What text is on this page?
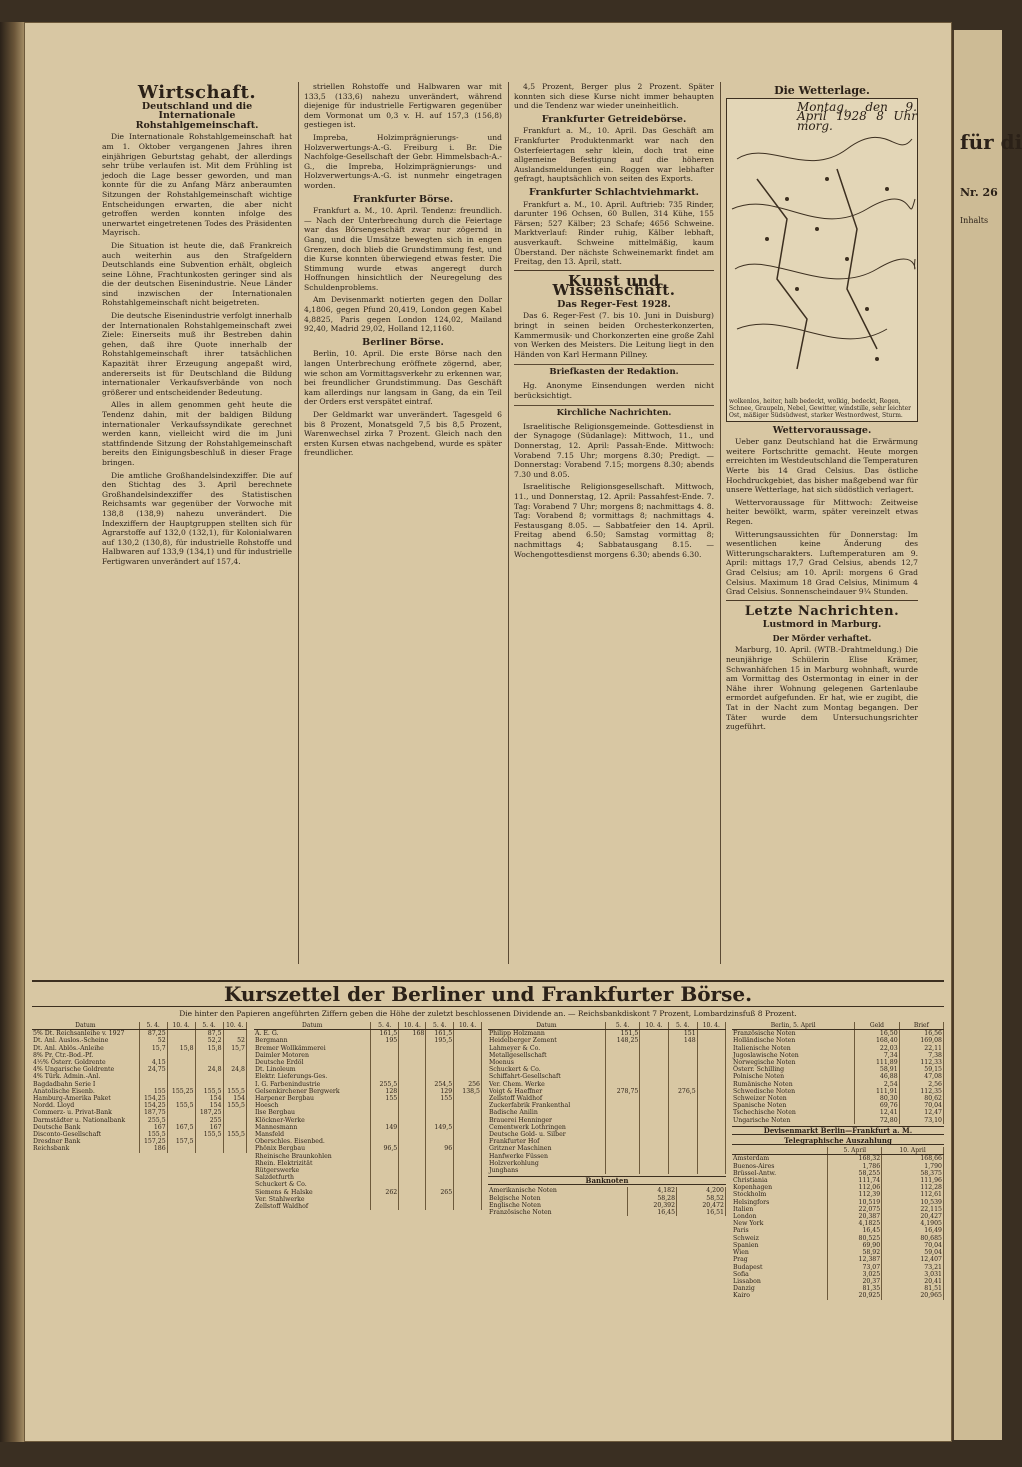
für di
Nr. 26
Inhalts
Wirtschaft.
Deutschland und die Internationale Rohstahlgemeinschaft.

Die Internationale Rohstahlgemeinschaft hat am 1. Oktober vergangenen Jahres ihren einjährigen Geburtstag gehabt, der allerdings sehr trübe verlaufen ist. Mit dem Frühling ist jedoch die Lage besser geworden, und man konnte für die zu Anfang März anberaumten Sitzungen der Rohstahlgemeinschaft wichtige Entscheidungen erwarten, die aber nicht getroffen werden konnten infolge des unerwartet eingetretenen Todes des Präsidenten Mayrisch.

Die Situation ist heute die, daß Frankreich auch weiterhin aus den Strafgeldern Deutschlands eine Subvention erhält, obgleich seine Löhne, Frachtunkosten geringer sind als die der deutschen Eisenindustrie. Neue Länder sind inzwischen der Internationalen Rohstahlgemeinschaft nicht beigetreten.

Die deutsche Eisenindustrie verfolgt innerhalb der Internationalen Rohstahlgemeinschaft zwei Ziele: Einerseits muß ihr Bestreben dahin gehen, daß ihre Quote innerhalb der Rohstahlgemeinschaft ihrer tatsächlichen Kapazität ihrer Erzeugung angepaßt wird, andererseits ist für Deutschland die Bildung internationaler Verkaufsverbände von noch größerer und entscheidender Bedeutung.

Alles in allem genommen geht heute die Tendenz dahin, mit der baldigen Bildung internationaler Verkaufssyndikate gerechnet werden kann, vielleicht wird die im Juni stattfindende Sitzung der Rohstahlgemeinschaft bereits den Einigungsbeschluß in dieser Frage bringen.

Die amtliche Großhandelsindexziffer. Die auf den Stichtag des 3. April berechnete Großhandelsindexziffer des Statistischen Reichsamts war gegenüber der Vorwoche mit 138,8 (138,9) nahezu unverändert. Die Indexziffern der Hauptgruppen stellten sich für Agrarstoffe auf 132,0 (132,1), für Kolonialwaren auf 130,2 (130,8), für industrielle Rohstoffe und Halbwaren auf 133,9 (134,1) und für industrielle Fertigwaren unverändert auf 157,4.

striellen Rohstoffe und Halbwaren war mit 133,5 (133,6) nahezu unverändert, während diejenige für industrielle Fertigwaren gegenüber dem Vormonat um 0,3 v. H. auf 157,3 (156,8) gestiegen ist.

Impreba, Holzimprägnierungs- und Holzverwertungs-A.-G. Freiburg i. Br. Die Nachfolge-Gesellschaft der Gebr. Himmelsbach-A.-G., die Impreba, Holzimprägnierungs- und Holzverwertungs-A.-G. ist nunmehr eingetragen worden.

Frankfurter Börse.

Frankfurt a. M., 10. April. Tendenz: freundlich. — Nach der Unterbrechung durch die Feiertage war das Börsengeschäft zwar nur zögernd in Gang, und die Umsätze bewegten sich in engen Grenzen, doch blieb die Grundstimmung fest, und die Kurse konnten überwiegend etwas fester. Die Stimmung wurde etwas angeregt durch Hoffnungen hinsichtlich der Neuregelung des Schuldenproblems.

Am Devisenmarkt notierten gegen den Dollar 4,1806, gegen Pfund 20,419, London gegen Kabel 4,8825, Paris gegen London 124,02, Mailand 92,40, Madrid 29,02, Holland 12,1160.

Berliner Börse.

Berlin, 10. April. Die erste Börse nach den langen Unterbrechung eröffnete zögernd, aber, wie schon am Vormittagsverkehr zu erkennen war, bei freundlicher Grundstimmung. Das Geschäft kam allerdings nur langsam in Gang, da ein Teil der Orders erst verspätet eintraf.

Der Geldmarkt war unverändert. Tagesgeld 6 bis 8 Prozent, Monatsgeld 7,5 bis 8,5 Prozent, Warenwechsel zirka 7 Prozent. Gleich nach den ersten Kursen etwas nachgebend, wurde es später freundlicher.

4,5 Prozent, Berger plus 2 Prozent. Später konnten sich diese Kurse nicht immer behaupten und die Tendenz war wieder uneinheitlich.

Frankfurter Getreidebörse.

Frankfurt a. M., 10. April. Das Geschäft am Frankfurter Produktenmarkt war nach den Osterfeiertagen sehr klein, doch trat eine allgemeine Befestigung auf die höheren Auslandsmeldungen ein. Roggen war lebhafter gefragt, hauptsächlich von seiten des Exports.

Frankfurter Schlachtviehmarkt.

Frankfurt a. M., 10. April. Auftrieb: 735 Rinder, darunter 196 Ochsen, 60 Bullen, 314 Kühe, 155 Färsen; 527 Kälber; 23 Schafe; 4656 Schweine. Marktverlauf: Rinder ruhig, Kälber lebhaft, ausverkauft. Schweine mittelmäßig, kaum Überstand. Der nächste Schweinemarkt findet am Freitag, den 13. April, statt.

Kunst und Wissenschaft.
Das Reger-Fest 1928.

Das 6. Reger-Fest (7. bis 10. Juni in Duisburg) bringt in seinen beiden Orchesterkonzerten, Kammermusik- und Chorkonzerten eine große Zahl von Werken des Meisters. Die Leitung liegt in den Händen von Karl Hermann Pillney.

Briefkasten der Redaktion.

Hg. Anonyme Einsendungen werden nicht berücksichtigt.

Kirchliche Nachrichten.

Israelitische Religionsgemeinde. Gottesdienst in der Synagoge (Südanlage): Mittwoch, 11., und Donnerstag, 12. April: Passah-Ende. Mittwoch: Vorabend 7.15 Uhr; morgens 8.30; Predigt. — Donnerstag: Vorabend 7.15; morgens 8.30; abends 7.30 und 8.05.

Israelitische Religionsgesellschaft. Mittwoch, 11., und Donnerstag, 12. April: Passahfest-Ende. 7. Tag: Vorabend 7 Uhr; morgens 8; nachmittags 4. 8. Tag: Vorabend 8; vormittags 8; nachmittags 4. Festausgang 8.05. — Sabbatfeier den 14. April. Freitag abend 6.50; Samstag vormittag 8; nachmittags 4; Sabbatausgang 8.15. — Wochengottesdienst morgens 6.30; abends 6.30.

Die Wetterlage.
Montag, den 9. April 1928 8 Uhr morg.
wolkenlos, heiter, halb bedeckt, wolkig, bedeckt, Regen, Schnee, Graupeln, Nebel, Gewitter, windstille, sehr leichter Ost, mäßiger Südsüdwest, starker Westnordwest, Sturm.
Wettervoraussage.

Ueber ganz Deutschland hat die Erwärmung weitere Fortschritte gemacht. Heute morgen erreichten im Westdeutschland die Temperaturen Werte bis 14 Grad Celsius. Das östliche Hochdruckgebiet, das bisher maßgebend war für unsere Wetterlage, hat sich südöstlich verlagert.

Wettervoraussage für Mittwoch: Zeitweise heiter bewölkt, warm, später vereinzelt etwas Regen.

Witterungsaussichten für Donnerstag: Im wesentlichen keine Änderung des Witterungscharakters. Luftemperaturen am 9. April: mittags 17,7 Grad Celsius, abends 12,7 Grad Celsius; am 10. April: morgens 6 Grad Celsius. Maximum 18 Grad Celsius, Minimum 4 Grad Celsius. Sonnenscheindauer 9¼ Stunden.

Letzte Nachrichten.
Lustmord in Marburg.
Der Mörder verhaftet.

Marburg, 10. April. (WTB.-Drahtmeldung.) Die neunjährige Schülerin Elise Krämer, Schwanhäfchen 15 in Marburg wohnhaft, wurde am Vormittag des Ostermontag in einer in der Nähe ihrer Wohnung gelegenen Gartenlaube ermordet aufgefunden. Er hat, wie er zugibt, die Tat in der Nacht zum Montag begangen. Der Täter wurde dem Untersuchungsrichter zugeführt.

Kurszettel der Berliner und Frankfurter Börse.
Die hinter den Papieren angeführten Ziffern geben die Höhe der zuletzt beschlossenen Dividende an. — Reichsbankdiskont 7 Prozent, Lombardzinsfuß 8 Prozent.
Datum	5. 4.	10. 4.	5. 4.	10. 4.
5% Dt. Reichsanleihe v. 1927	87,25		87,5	
Dt. Anl. Auslos.-Scheine	52		52,2	52
Dt. Anl. Ablös.-Anleihe	15,7	15,8	15,8	15,7
8% Pr. Ctr.-Bod.-Pf.				
4½% Österr. Goldrente	4,15			
4% Ungarische Goldrente	24,75		24,8	24,8
4% Türk. Admin.-Anl.				
Bagdadbahn Serie I				
Anatolische Eisenb.	155	155,25	155,5	155,5
Hamburg-Amerika Paket	154,25		154	154
Nordd. Lloyd	154,25	155,5	154	155,5
Commerz- u. Privat-Bank	187,75		187,25	
Darmstädter u. Nationalbank	255,5		255	
Deutsche Bank	167	167,5	167	
Disconto-Gesellschaft	155,5		155,5	155,5
Dresdner Bank	157,25	157,5		
Reichsbank	186			
Datum	5. 4.	10. 4.	5. 4.	10. 4.
A. E. G.	161,5	168	161,5	
Bergmann	195		195,5	
Bremer Wollkämmerei				
Daimler Motoren				
Deutsche Erdöl				
Dt. Linoleum				
Elektr. Lieferungs-Ges.				
I. G. Farbenindustrie	255,5		254,5	256
Gelsenkirchener Bergwerk	128		129	138,5
Harpener Bergbau	155		155	
Hoesch				
Ilse Bergbau				
Klöckner-Werke				
Mannesmann	149		149,5	
Mansfeld				
Oberschles. Eisenbed.				
Phönix Bergbau	96,5		96	
Rheinische Braunkohlen				
Rhein. Elektrizität				
Rütgerswerke				
Salzdetfurth				
Schuckert & Co.				
Siemens & Halske	262		265	
Ver. Stahlwerke				
Zellstoff Waldhof				
Datum	5. 4.	10. 4.	5. 4.	10. 4.
Philipp Holzmann	151,5		151	
Heidelberger Zement	148,25		148	
Lahmeyer & Co.				
Metallgesellschaft				
Moenus				
Schuckert & Co.				
Schiffahrt-Gesellschaft				
Ver. Chem. Werke				
Voigt & Haeffner	278,75		276,5	
Zellstoff Waldhof				
Zuckerfabrik Frankenthal				
Badische Anilin				
Brauerei Henninger				
Cementwerk Lothringen				
Deutsche Gold- u. Silber				
Frankfurter Hof				
Gritzner Maschinen				
Hanfwerke Füssen				
Holzverkohlung				
Junghans				
Banknoten
Amerikanische Noten	4,182	4,200
Belgische Noten	58,28	58,52
Englische Noten	20,392	20,472
Französische Noten	16,45	16,51
Berlin, 5. April	Geld	Brief
Französische Noten	16,50	16,56
Holländische Noten	168,40	169,08
Italienische Noten	22,03	22,11
Jugoslawische Noten	7,34	7,38
Norwegische Noten	111,89	112,33
Österr. Schilling	58,91	59,15
Polnische Noten	46,88	47,08
Rumänische Noten	2,54	2,56
Schwedische Noten	111,91	112,35
Schweizer Noten	80,30	80,62
Spanische Noten	69,76	70,04
Tschechische Noten	12,41	12,47
Ungarische Noten	72,80	73,10
Devisenmarkt Berlin—Frankfurt a. M.
Telegraphische Auszahlung
	5. April	10. April
Amsterdam	168,32	168,66
Buenos-Aires	1,786	1,790
Brüssel-Antw.	58,255	58,375
Christiania	111,74	111,96
Kopenhagen	112,06	112,28
Stockholm	112,39	112,61
Helsingfors	10,519	10,539
Italien	22,075	22,115
London	20,387	20,427
New York	4,1825	4,1905
Paris	16,45	16,49
Schweiz	80,525	80,685
Spanien	69,90	70,04
Wien	58,92	59,04
Prag	12,387	12,407
Budapest	73,07	73,21
Sofia	3,025	3,031
Lissabon	20,37	20,41
Danzig	81,35	81,51
Kairo	20,925	20,965
